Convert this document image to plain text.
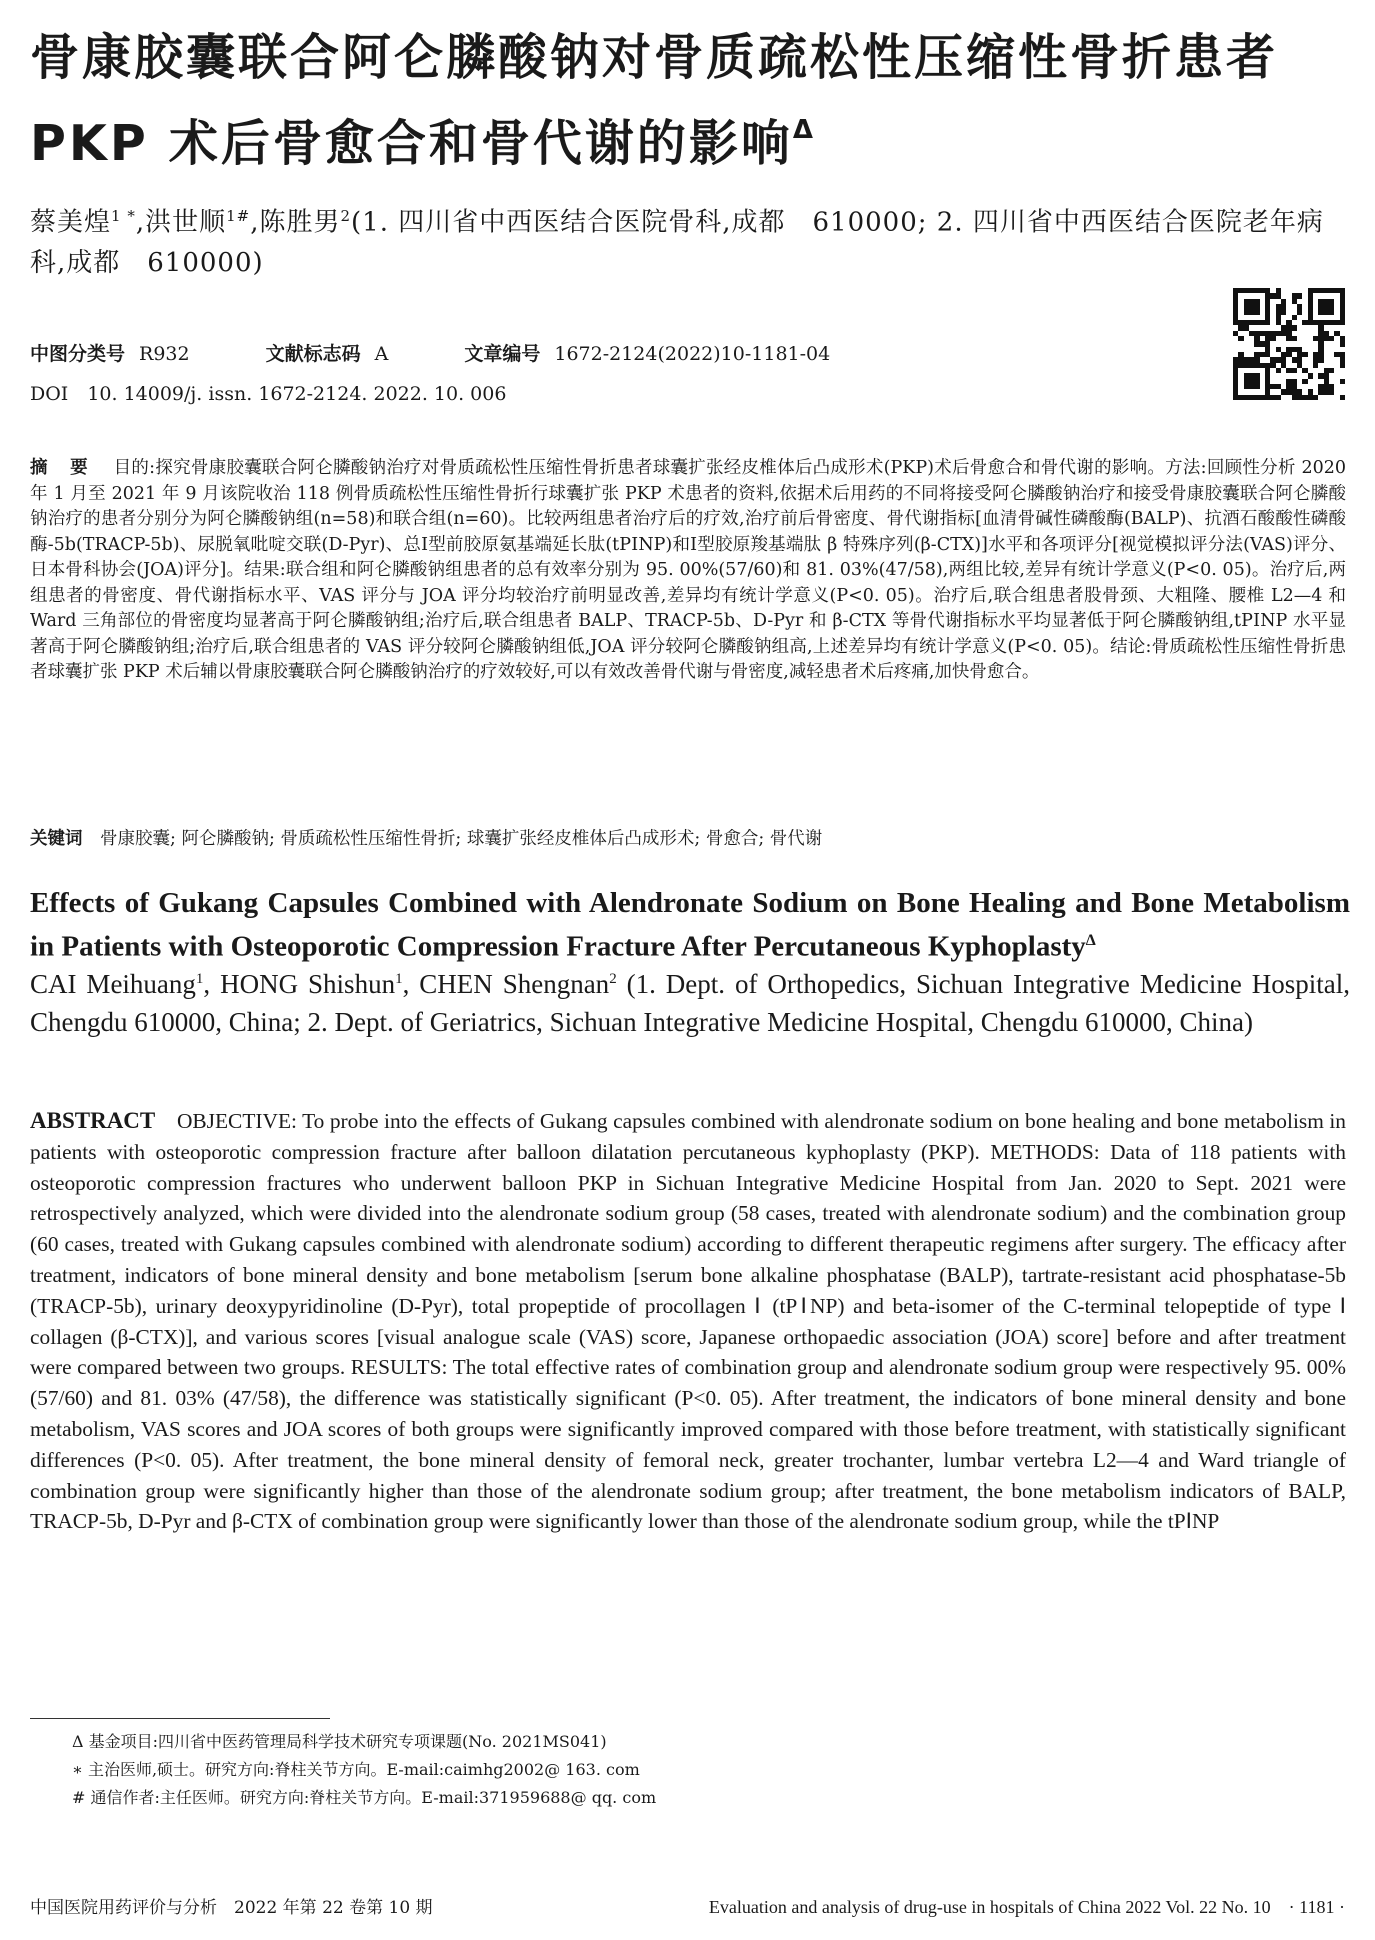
骨康胶囊联合阿仑膦酸钠对骨质疏松性压缩性骨折患者 PKP 术后骨愈合和骨代谢的影响$^\Delta$

蔡美煌$^{1 *}$,洪世顺$^{1\#}$,陈胜男$^2$(1. 四川省中西医结合医院骨科,成都　610000; 2. 四川省中西医结合医院老年病科,成都　610000)

中图分类号 R932	文献标志码 A	文章编号 1672-2124(2022)10-1181-04
DOI　10. 14009/j. issn. 1672-2124. 2022. 10. 006

摘 要　 目的:探究骨康胶囊联合阿仑膦酸钠治疗对骨质疏松性压缩性骨折患者球囊扩张经皮椎体后凸成形术(PKP)术后骨愈合和骨代谢的影响。方法:回顾性分析 2020 年 1 月至 2021 年 9 月该院收治 118 例骨质疏松性压缩性骨折行球囊扩张 PKP 术患者的资料,依据术后用药的不同将接受阿仑膦酸钠治疗和接受骨康胶囊联合阿仑膦酸钠治疗的患者分别分为阿仑膦酸钠组(n=58)和联合组(n=60)。比较两组患者治疗后的疗效,治疗前后骨密度、骨代谢指标[血清骨碱性磷酸酶(BALP)、抗酒石酸酸性磷酸酶-5b(TRACP-5b)、尿脱氧吡啶交联(D-Pyr)、总Ⅰ型前胶原氨基端延长肽(tPⅠNP)和Ⅰ型胶原羧基端肽 β 特殊序列(β-CTX)]水平和各项评分[视觉模拟评分法(VAS)评分、日本骨科协会(JOA)评分]。结果:联合组和阿仑膦酸钠组患者的总有效率分别为 95. 00%(57/60)和 81. 03%(47/58),两组比较,差异有统计学意义(P<0. 05)。治疗后,两组患者的骨密度、骨代谢指标水平、VAS 评分与 JOA 评分均较治疗前明显改善,差异均有统计学意义(P<0. 05)。治疗后,联合组患者股骨颈、大粗隆、腰椎 L2—4 和 Ward 三角部位的骨密度均显著高于阿仑膦酸钠组;治疗后,联合组患者 BALP、TRACP-5b、D-Pyr 和 β-CTX 等骨代谢指标水平均显著低于阿仑膦酸钠组,tPⅠNP 水平显著高于阿仑膦酸钠组;治疗后,联合组患者的 VAS 评分较阿仑膦酸钠组低,JOA 评分较阿仑膦酸钠组高,上述差异均有统计学意义(P<0. 05)。结论:骨质疏松性压缩性骨折患者球囊扩张 PKP 术后辅以骨康胶囊联合阿仑膦酸钠治疗的疗效较好,可以有效改善骨代谢与骨密度,减轻患者术后疼痛,加快骨愈合。

关键词　 骨康胶囊; 阿仑膦酸钠; 骨质疏松性压缩性骨折; 球囊扩张经皮椎体后凸成形术; 骨愈合; 骨代谢

Effects of Gukang Capsules Combined with Alendronate Sodium on Bone Healing and Bone Metabolism in Patients with Osteoporotic Compression Fracture After Percutaneous Kyphoplasty$^\Delta$

CAI Meihuang$^1$, HONG Shishun$^1$, CHEN Shengnan$^2$ (1. Dept. of Orthopedics, Sichuan Integrative Medicine Hospital, Chengdu 610000, China; 2. Dept. of Geriatrics, Sichuan Integrative Medicine Hospital, Chengdu 610000, China)

ABSTRACT　 OBJECTIVE: To probe into the effects of Gukang capsules combined with alendronate sodium on bone healing and bone metabolism in patients with osteoporotic compression fracture after balloon dilatation percutaneous kyphoplasty (PKP). METHODS: Data of 118 patients with osteoporotic compression fractures who underwent balloon PKP in Sichuan Integrative Medicine Hospital from Jan. 2020 to Sept. 2021 were retrospectively analyzed, which were divided into the alendronate sodium group (58 cases, treated with alendronate sodium) and the combination group (60 cases, treated with Gukang capsules combined with alendronate sodium) according to different therapeutic regimens after surgery. The efficacy after treatment, indicators of bone mineral density and bone metabolism [serum bone alkaline phosphatase (BALP), tartrate-resistant acid phosphatase-5b (TRACP-5b), urinary deoxypyridinoline (D-Pyr), total propeptide of procollagen Ⅰ (tPⅠNP) and beta-isomer of the C-terminal telopeptide of type Ⅰ collagen (β-CTX)], and various scores [visual analogue scale (VAS) score, Japanese orthopaedic association (JOA) score] before and after treatment were compared between two groups. RESULTS: The total effective rates of combination group and alendronate sodium group were respectively 95. 00% (57/60) and 81. 03% (47/58), the difference was statistically significant (P<0. 05). After treatment, the indicators of bone mineral density and bone metabolism, VAS scores and JOA scores of both groups were significantly improved compared with those before treatment, with statistically significant differences (P<0. 05). After treatment, the bone mineral density of femoral neck, greater trochanter, lumbar vertebra L2—4 and Ward triangle of combination group were significantly higher than those of the alendronate sodium group; after treatment, the bone metabolism indicators of BALP, TRACP-5b, D-Pyr and β-CTX of combination group were significantly lower than those of the alendronate sodium group, while the tPⅠNP

Δ 基金项目:四川省中医药管理局科学技术研究专项课题(No. 2021MS041)
∗ 主治医师,硕士。研究方向:脊柱关节方向。E-mail:caimhg2002@ 163. com
# 通信作者:主任医师。研究方向:脊柱关节方向。E-mail:371959688@ qq. com
中国医院用药评价与分析　2022 年第 22 卷第 10 期	Evaluation and analysis of drug-use in hospitals of China 2022 Vol. 22 No. 10　· 1181 ·
